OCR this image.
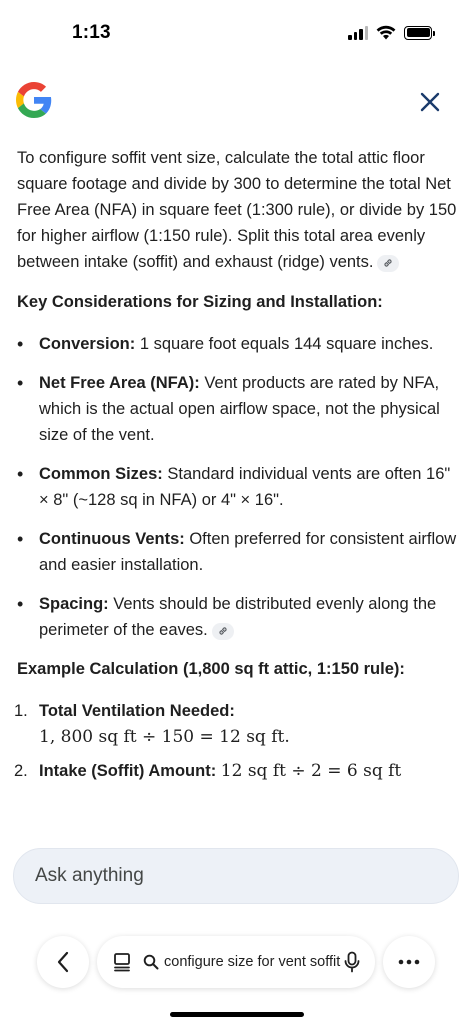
1:13

To configure soffit vent size, calculate the total attic floor square footage and divide by 300 to determine the total Net Free Area (NFA) in square feet (1:300 rule), or divide by 150 for higher airflow (1:150 rule). Split this total area evenly between intake (soffit) and exhaust (ridge) vents.

Key Considerations for Sizing and Installation:

• Conversion: 1 square foot equals 144 square inches.
• Net Free Area (NFA): Vent products are rated by NFA, which is the actual open airflow space, not the physical size of the vent.
• Common Sizes: Standard individual vents are often 16" × 8" (~128 sq in NFA) or 4" × 16".
• Continuous Vents: Often preferred for consistent airflow and easier installation.
• Spacing: Vents should be distributed evenly along the perimeter of the eaves.

Example Calculation (1,800 sq ft attic, 1:150 rule):

1. Total Ventilation Needed:
1, 800 sq ft ÷ 150 = 12 sq ft.
2. Intake (Soffit) Amount: 12 sq ft ÷ 2 = 6 sq ft
Ask anything
configure size for vent soffit
